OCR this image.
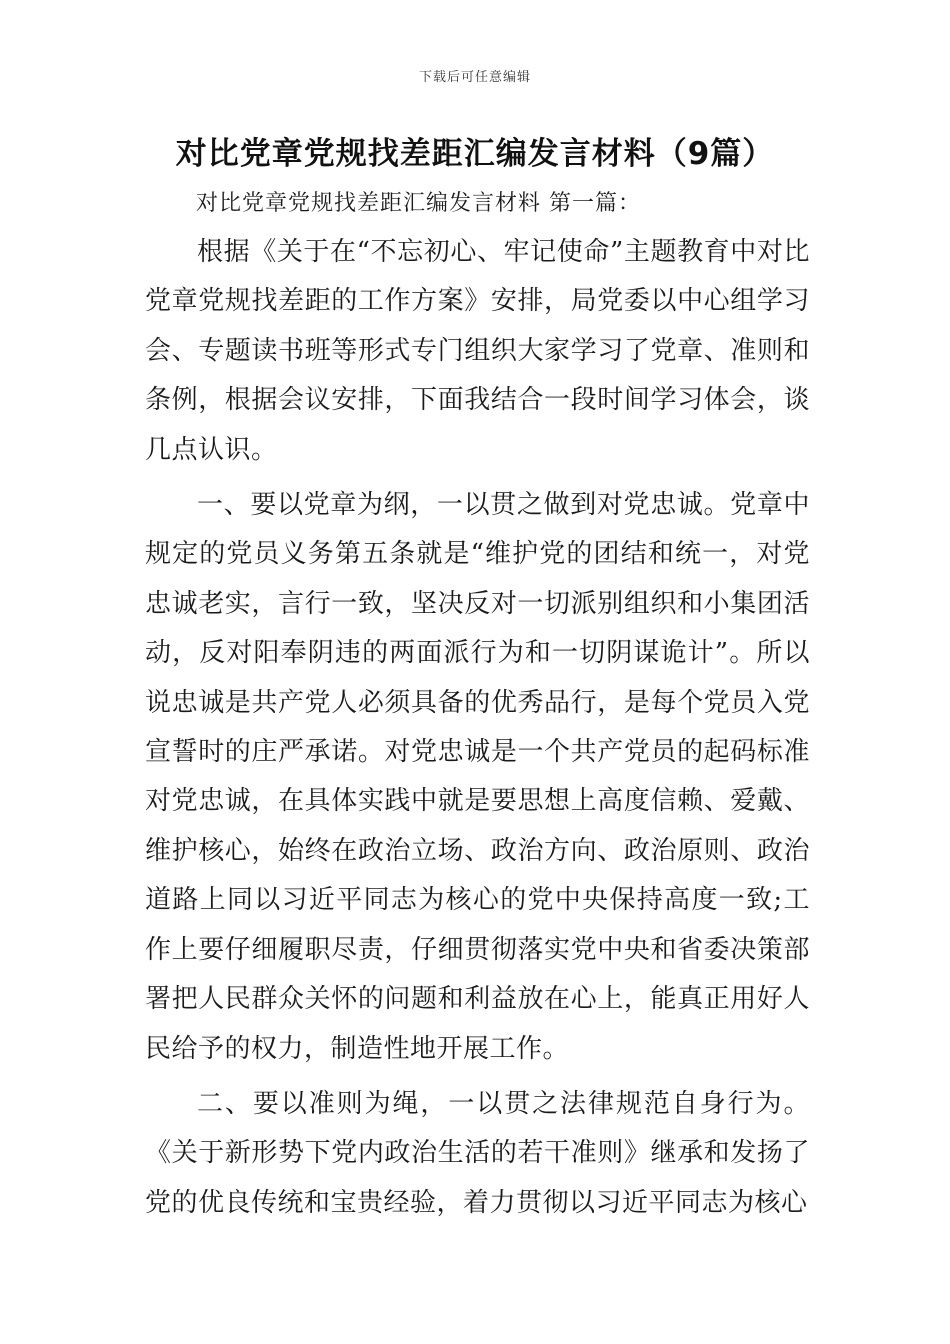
下载后可任意编辑
对比党章党规找差距汇编发言材料（9篇）
对比党章党规找差距汇编发言材料 第一篇：

根据《关于在“不忘初心、牢记使命”主题教育中对比党章党规找差距的工作方案》安排，局党委以中心组学习会、专题读书班等形式专门组织大家学习了党章、准则和条例，根据会议安排，下面我结合一段时间学习体会，谈几点认识。

一、要以党章为纲，一以贯之做到对党忠诚。党章中规定的党员义务第五条就是“维护党的团结和统一，对党忠诚老实，言行一致，坚决反对一切派别组织和小集团活动，反对阳奉阴违的两面派行为和一切阴谋诡计”。所以说忠诚是共产党人必须具备的优秀品行，是每个党员入党宣誓时的庄严承诺。对党忠诚是一个共产党员的起码标准对党忠诚，在具体实践中就是要思想上高度信赖、爱戴、维护核心，始终在政治立场、政治方向、政治原则、政治道路上同以习近平同志为核心的党中央保持高度一致;工作上要仔细履职尽责，仔细贯彻落实党中央和省委决策部署把人民群众关怀的问题和利益放在心上，能真正用好人民给予的权力，制造性地开展工作。

二、要以准则为绳，一以贯之法律规范自身行为。《关于新形势下党内政治生活的若干准则》继承和发扬了党的优良传统和宝贵经验，着力贯彻以习近平同志为核心
